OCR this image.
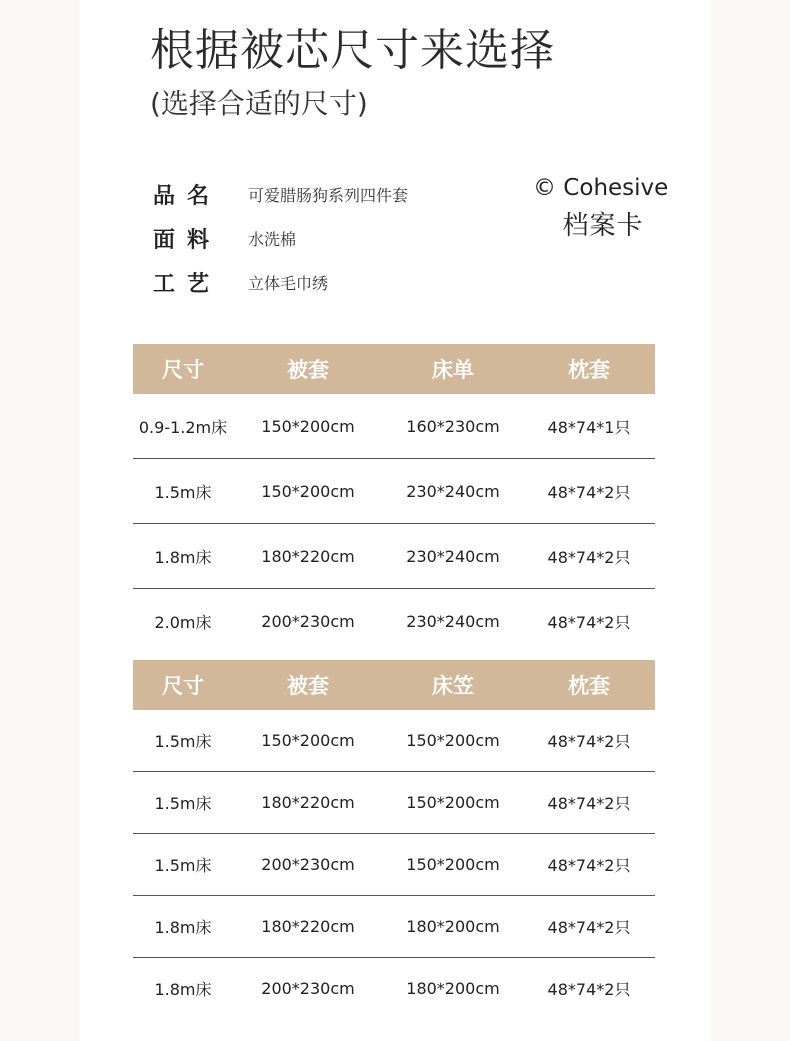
根据被芯尺寸来选择
(选择合适的尺寸)
品名	可爱腊肠狗系列四件套
面料	水洗棉
工艺	立体毛巾绣
© Cohesive
档案卡
尺寸	被套	床单	枕套
0.9-1.2m床	150*200cm	160*230cm	48*74*1只
1.5m床	150*200cm	230*240cm	48*74*2只
1.8m床	180*220cm	230*240cm	48*74*2只
2.0m床	200*230cm	230*240cm	48*74*2只
尺寸	被套	床笠	枕套
1.5m床	150*200cm	150*200cm	48*74*2只
1.5m床	180*220cm	150*200cm	48*74*2只
1.5m床	200*230cm	150*200cm	48*74*2只
1.8m床	180*220cm	180*200cm	48*74*2只
1.8m床	200*230cm	180*200cm	48*74*2只
